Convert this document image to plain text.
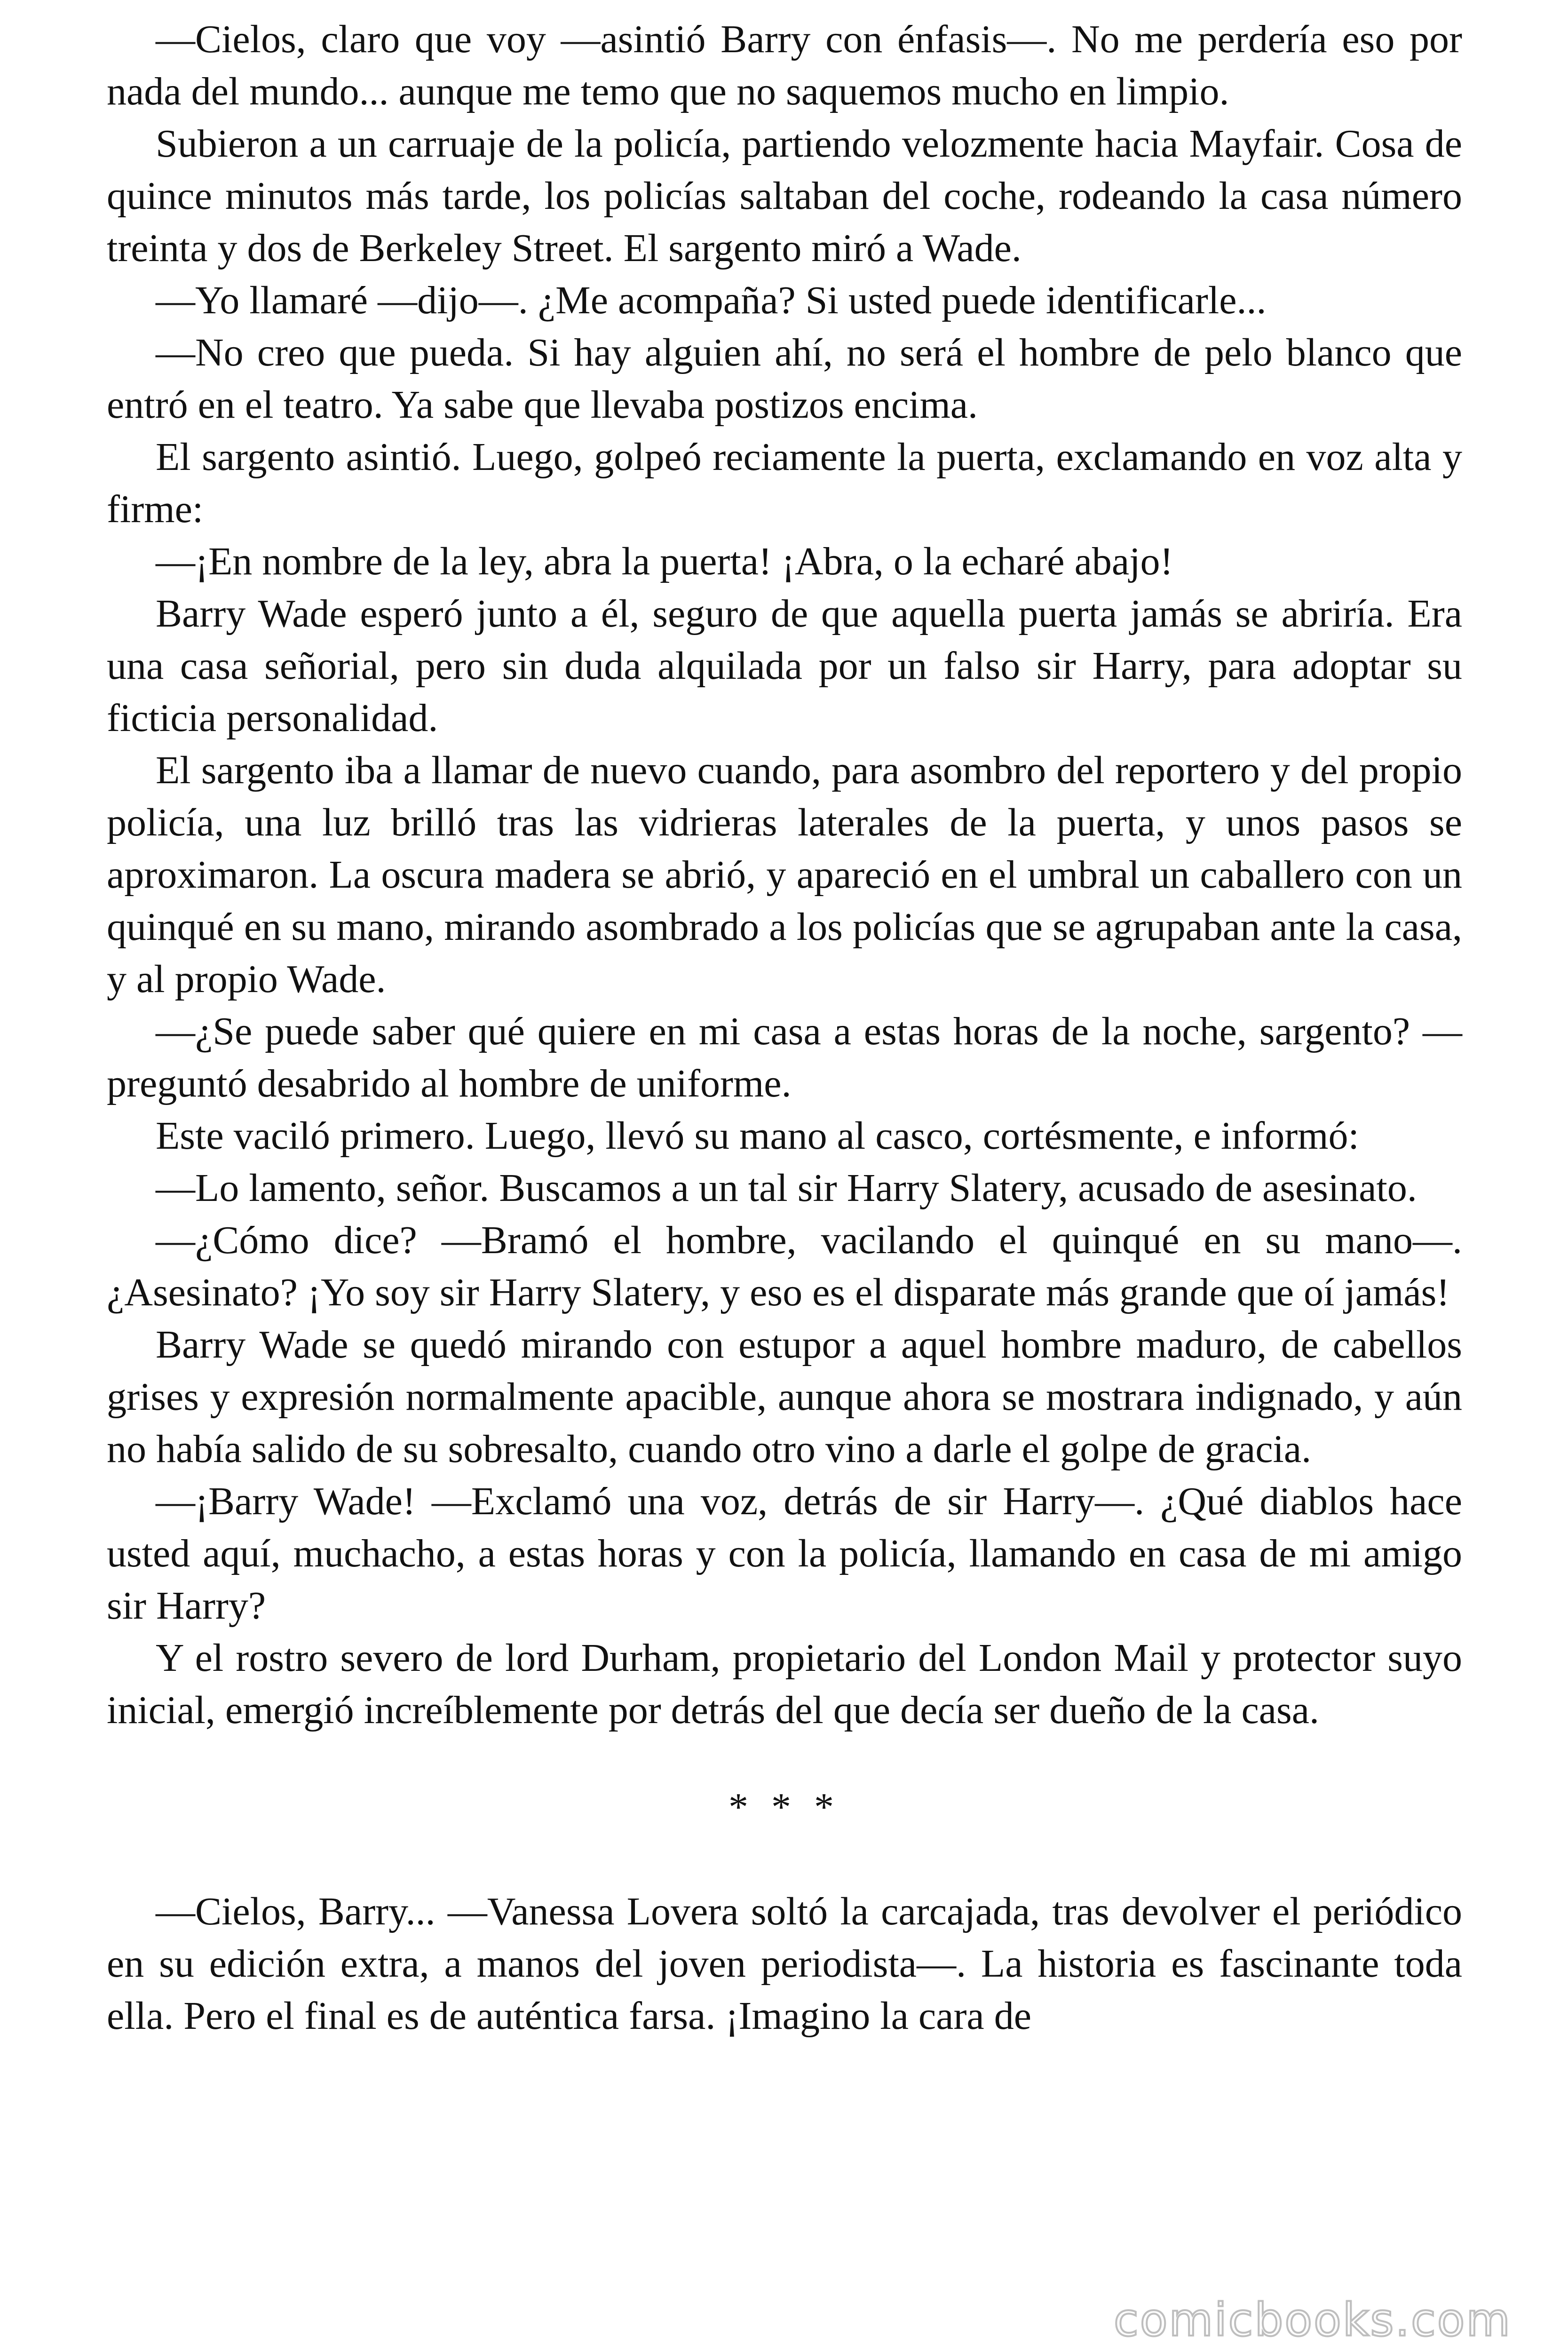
—Cielos, claro que voy —asintió Barry con énfasis—. No me perdería eso por nada del mundo... aunque me temo que no saquemos mucho en limpio.

Subieron a un carruaje de la policía, partiendo velozmente hacia Mayfair. Cosa de quince minutos más tarde, los policías saltaban del coche, rodeando la casa número treinta y dos de Berkeley Street. El sargento miró a Wade.

—Yo llamaré —dijo—. ¿Me acompaña? Si usted puede identificarle...

—No creo que pueda. Si hay alguien ahí, no será el hombre de pelo blanco que entró en el teatro. Ya sabe que llevaba postizos encima.

El sargento asintió. Luego, golpeó reciamente la puerta, exclamando en voz alta y firme:

—¡En nombre de la ley, abra la puerta! ¡Abra, o la echaré abajo!

Barry Wade esperó junto a él, seguro de que aquella puerta jamás se abriría. Era una casa señorial, pero sin duda alquilada por un falso sir Harry, para adoptar su ficticia personalidad.

El sargento iba a llamar de nuevo cuando, para asombro del reportero y del propio policía, una luz brilló tras las vidrieras laterales de la puerta, y unos pasos se aproximaron. La oscura madera se abrió, y apareció en el umbral un caballero con un quinqué en su mano, mirando asombrado a los policías que se agrupaban ante la casa, y al propio Wade.

—¿Se puede saber qué quiere en mi casa a estas horas de la noche, sargento? —preguntó desabrido al hombre de uniforme.

Este vaciló primero. Luego, llevó su mano al casco, cortésmente, e informó:

—Lo lamento, señor. Buscamos a un tal sir Harry Slatery, acusado de asesinato.

—¿Cómo dice? —Bramó el hombre, vacilando el quinqué en su mano—. ¿Asesinato? ¡Yo soy sir Harry Slatery, y eso es el disparate más grande que oí jamás!

Barry Wade se quedó mirando con estupor a aquel hombre maduro, de cabellos grises y expresión normalmente apacible, aunque ahora se mostrara indignado, y aún no había salido de su sobresalto, cuando otro vino a darle el golpe de gracia.

—¡Barry Wade! —Exclamó una voz, detrás de sir Harry—. ¿Qué diablos hace usted aquí, muchacho, a estas horas y con la policía, llamando en casa de mi amigo sir Harry?

Y el rostro severo de lord Durham, propietario del London Mail y protector suyo inicial, emergió increíblemente por detrás del que decía ser dueño de la casa.

* * *

—Cielos, Barry... —Vanessa Lovera soltó la carcajada, tras devolver el periódico en su edición extra, a manos del joven periodista—. La historia es fascinante toda ella. Pero el final es de auténtica farsa. ¡Imagino la cara de

comicbooks.com
